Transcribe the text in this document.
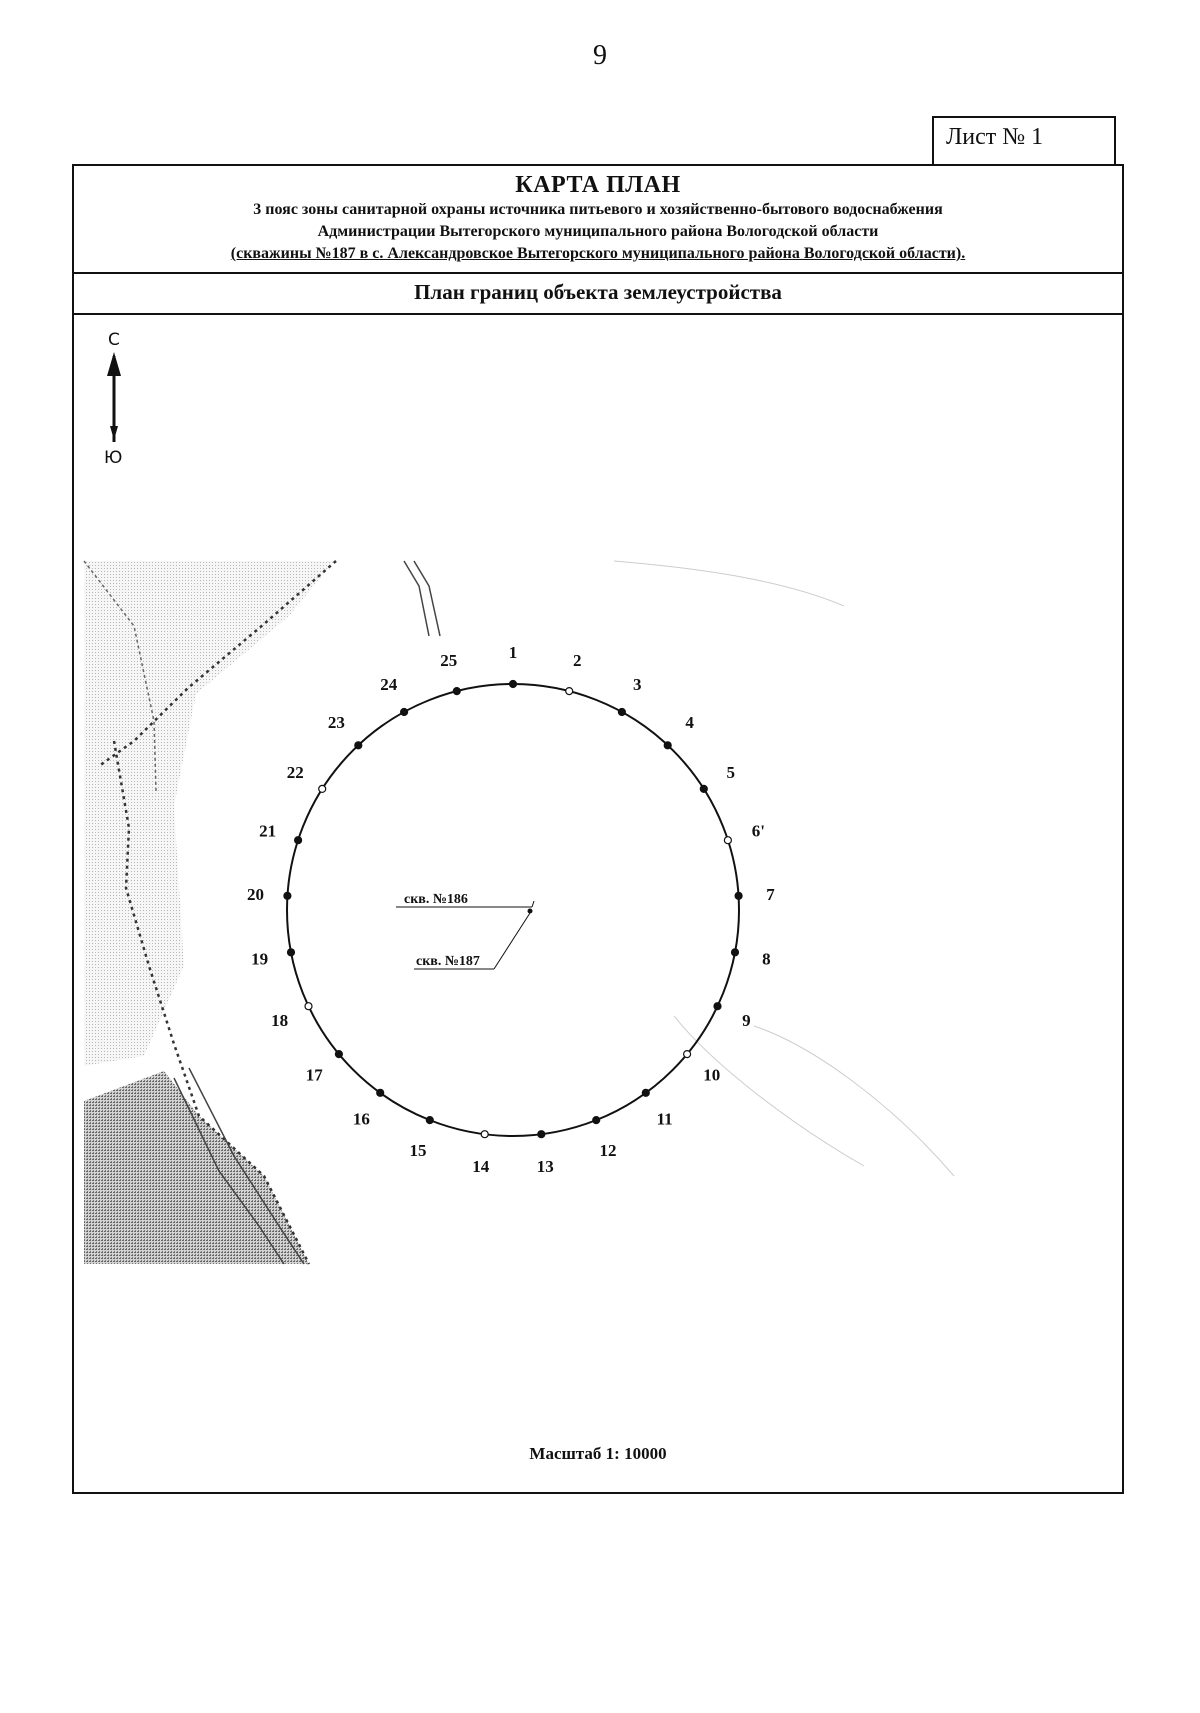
9
Лист № 1
КАРТА ПЛАН
3 пояс зоны санитарной охраны источника питьевого и хозяйственно-бытового водоснабжения
Администрации Вытегорского муниципального района Вологодской области
(скважины №187 в с. Александровское Вытегорского муниципального района Вологодской области).
План границ объекта землеустройства
С
Ю
1	2
3
4
5
6'
7
8
9
10
11
12
13
14
15
16
17
18
19
20
21
22
23
24
25
скв. №186
скв. №187
Масштаб 1: 10000
